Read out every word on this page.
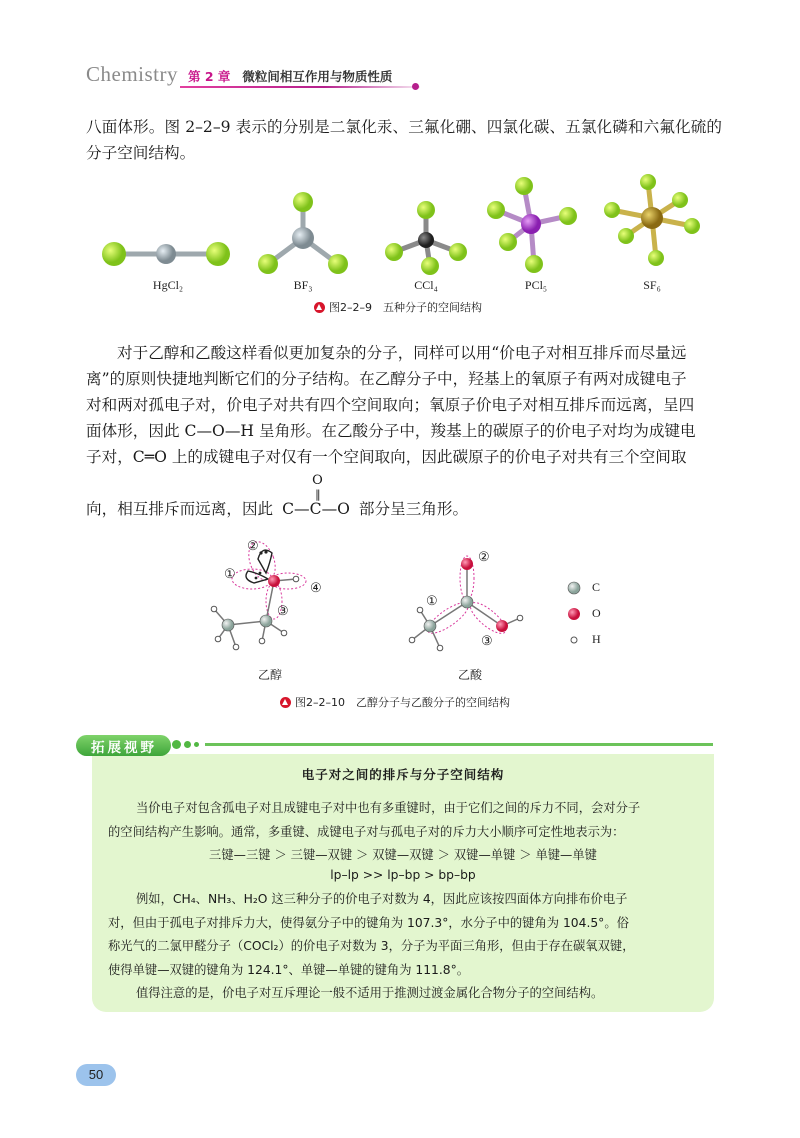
Chemistry 第 2 章 微粒间相互作用与物质性质

八面体形。图 2–2–9 表示的分别是二氯化汞、三氟化硼、四氯化碳、五氯化磷和六氟化硫的分子空间结构。

HgCl₂	BF₃	CCl₄	PCl₅	SF₆
图2–2–9　五种分子的空间结构
对于乙醇和乙酸这样看似更加复杂的分子，同样可以用“价电子对相互排斥而尽量远
离”的原则快捷地判断它们的分子结构。在乙醇分子中，羟基上的氧原子有两对成键电子
对和两对孤电子对，价电子对共有四个空间取向；氧原子价电子对相互排斥而远离，呈四
面体形，因此 C—O—H 呈角形。在乙酸分子中，羧基上的碳原子的价电子对均为成键电
子对，C═O 上的成键电子对仅有一个空间取向，因此碳原子的价电子对共有三个空间取
向，相互排斥而远离，因此
O
‖
C—C—O 部分呈三角形。
②
①
④
③
乙醇
②
①
③
乙酸
C
O
H
图2–2–10　乙醇分子与乙酸分子的空间结构
拓展视野
电子对之间的排斥与分子空间结构
当价电子对包含孤电子对且成键电子对中也有多重键时，由于它们之间的斥力不同，会对分子
的空间结构产生影响。通常，多重键、成键电子对与孤电子对的斥力大小顺序可定性地表示为：
三键—三键 ＞ 三键—双键 ＞ 双键—双键 ＞ 双键—单键 ＞ 单键—单键
lp–lp >> lp–bp > bp–bp
例如，CH₄、NH₃、H₂O 这三种分子的价电子对数为 4，因此应该按四面体方向排布价电子
对，但由于孤电子对排斥力大，使得氨分子中的键角为 107.3°，水分子中的键角为 104.5°。俗
称光气的二氯甲醛分子（COCl₂）的价电子对数为 3，分子为平面三角形，但由于存在碳氧双键，
使得单键—双键的键角为 124.1°、单键—单键的键角为 111.8°。
值得注意的是，价电子对互斥理论一般不适用于推测过渡金属化合物分子的空间结构。
50
